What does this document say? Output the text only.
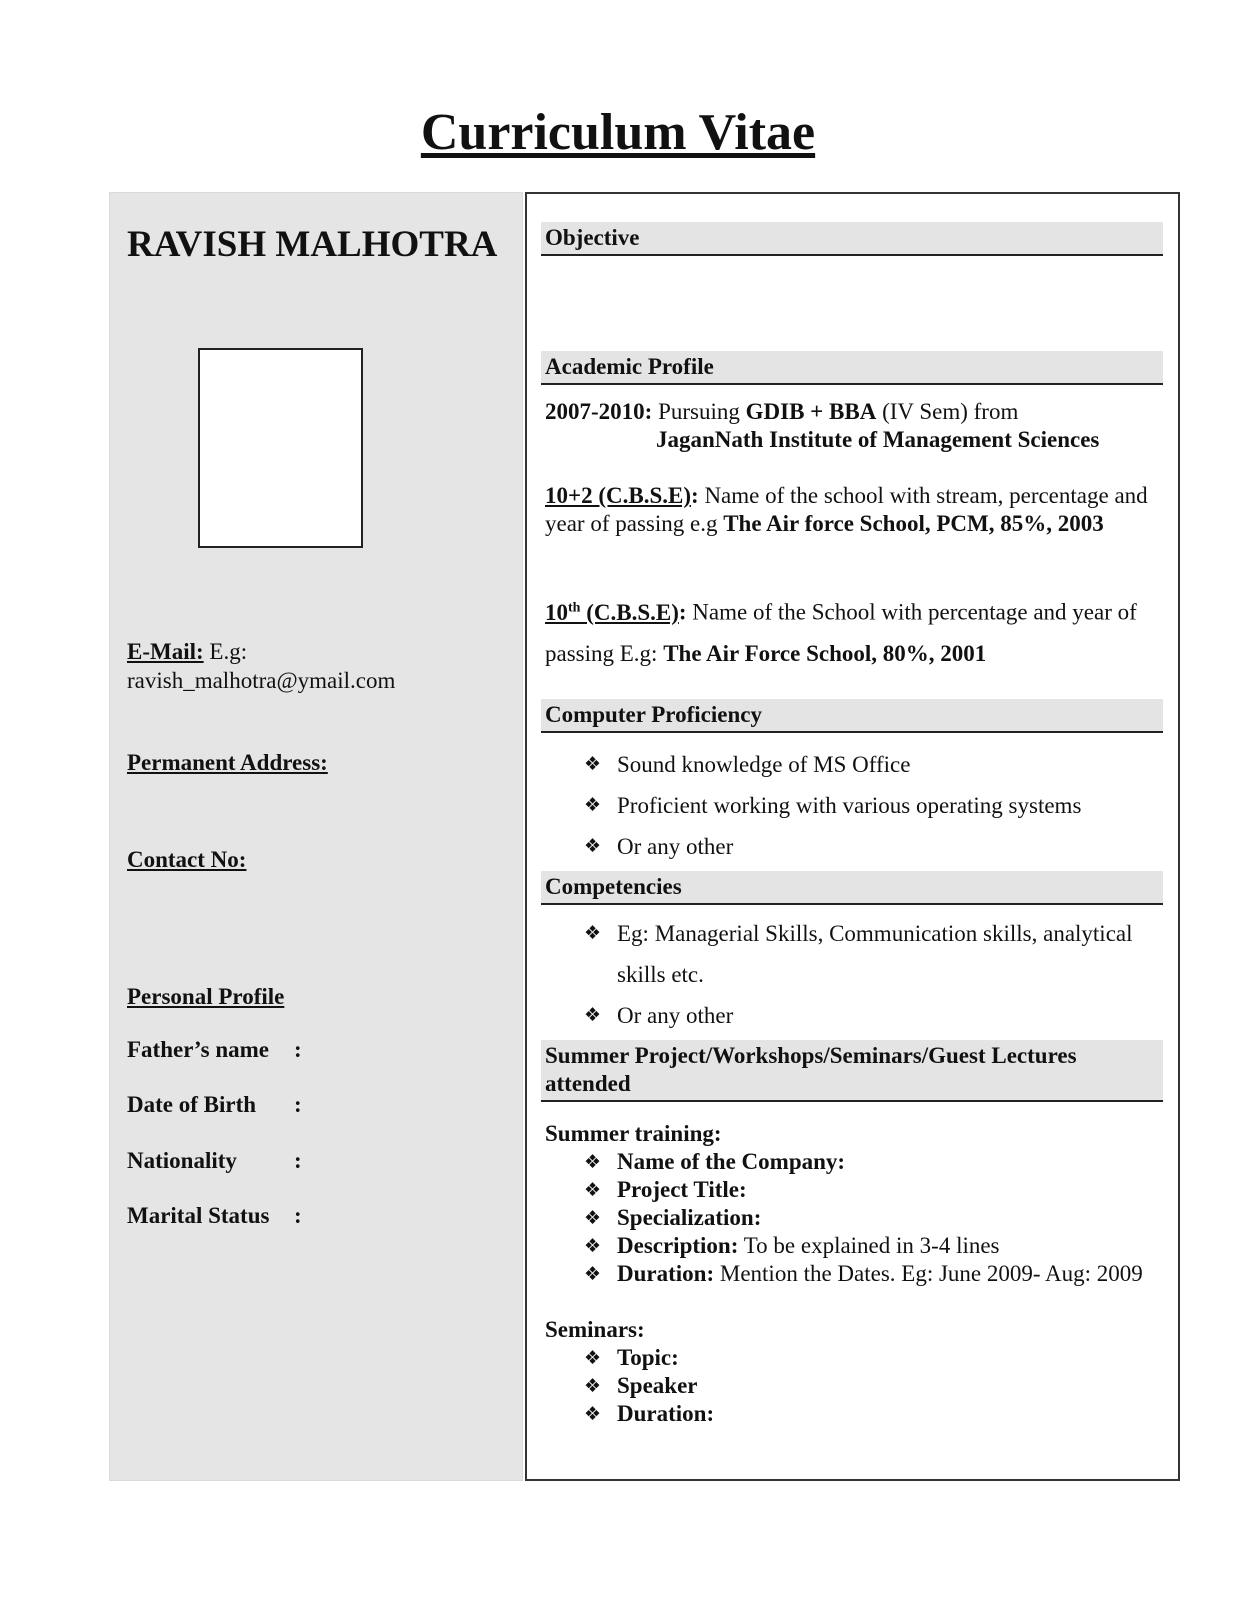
Curriculum Vitae
RAVISH MALHOTRA
E-Mail: E.g:
ravish_malhotra@ymail.com
Permanent Address:
Contact No:
Personal Profile
Father’s name :
Date of Birth :
Nationality :
Marital Status :
Objective
Academic Profile
2007-2010: Pursuing GDIB + BBA (IV Sem) from
JaganNath Institute of Management Sciences
10+2 (C.B.S.E): Name of the school with stream, percentage and year of passing e.g The Air force School, PCM, 85%, 2003
10th (C.B.S.E): Name of the School with percentage and year of passing E.g: The Air Force School, 80%, 2001
Computer Proficiency
❖ Sound knowledge of MS Office
❖ Proficient working with various operating systems
❖ Or any other
Competencies
❖ Eg: Managerial Skills, Communication skills, analytical skills etc.
❖ Or any other
Summer Project/Workshops/Seminars/Guest Lectures attended
Summer training:
❖ Name of the Company:
❖ Project Title:
❖ Specialization:
❖ Description: To be explained in 3-4 lines
❖ Duration: Mention the Dates. Eg: June 2009- Aug: 2009
Seminars:
❖ Topic:
❖ Speaker
❖ Duration:
